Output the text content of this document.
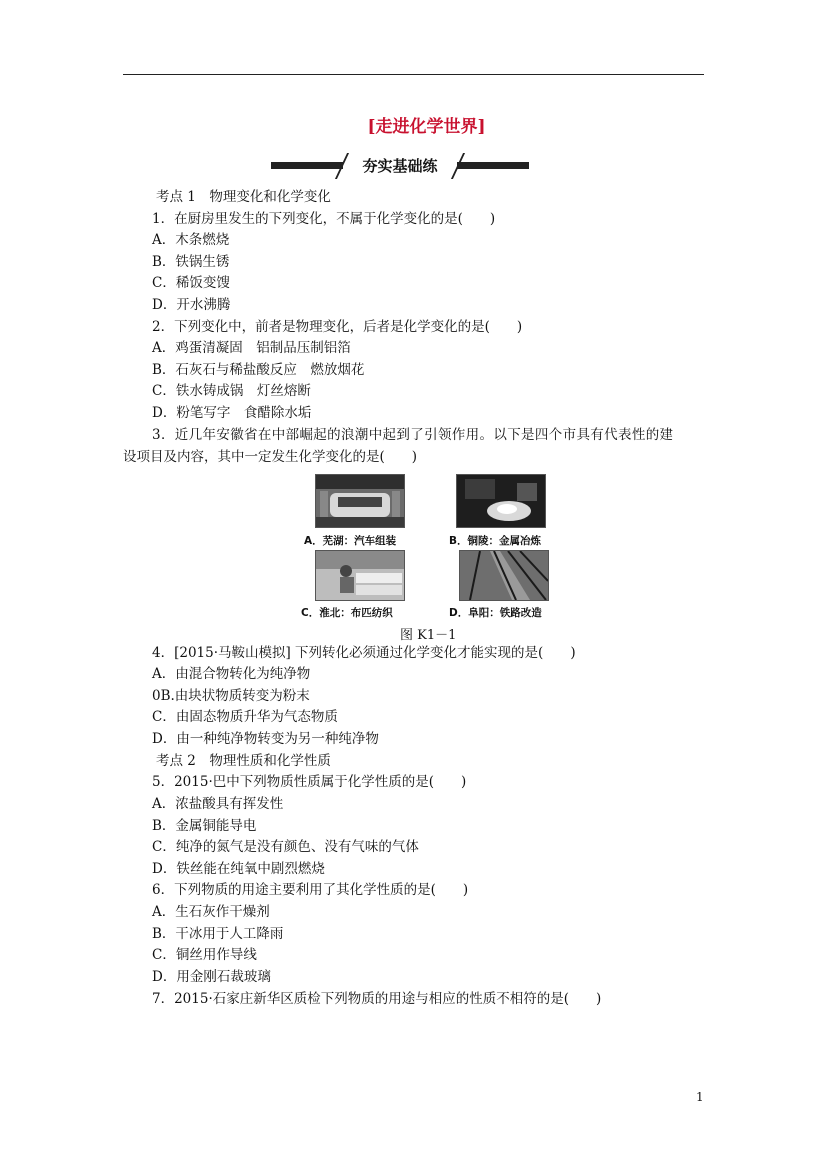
[走进化学世界]
夯实基础练
考点 1　物理变化和化学变化
1．在厨房里发生的下列变化，不属于化学变化的是(　　)
A．木条燃烧
B．铁锅生锈
C．稀饭变馊
D．开水沸腾
2．下列变化中，前者是物理变化，后者是化学变化的是(　　)
A．鸡蛋清凝固　铝制品压制铝箔
B．石灰石与稀盐酸反应　燃放烟花
C．铁水铸成锅　灯丝熔断
D．粉笔写字　食醋除水垢
3．近几年安徽省在中部崛起的浪潮中起到了引领作用。以下是四个市具有代表性的建
设项目及内容，其中一定发生化学变化的是(　　)
A．芜湖：汽车组装	B．铜陵：金属冶炼
C．淮北：布匹纺织	D．阜阳：铁路改造
图 K1－1
4．[2015·马鞍山模拟] 下列转化必须通过化学变化才能实现的是(　　)
A．由混合物转化为纯净物
0B.由块状物质转变为粉末
C．由固态物质升华为气态物质
D．由一种纯净物转变为另一种纯净物
考点 2　物理性质和化学性质
5．2015·巴中下列物质性质属于化学性质的是(　　)
A．浓盐酸具有挥发性
B．金属铜能导电
C．纯净的氮气是没有颜色、没有气味的气体
D．铁丝能在纯氧中剧烈燃烧
6．下列物质的用途主要利用了其化学性质的是(　　)
A．生石灰作干燥剂
B．干冰用于人工降雨
C．铜丝用作导线
D．用金刚石裁玻璃
7．2015·石家庄新华区质检下列物质的用途与相应的性质不相符的是(　　)
1
